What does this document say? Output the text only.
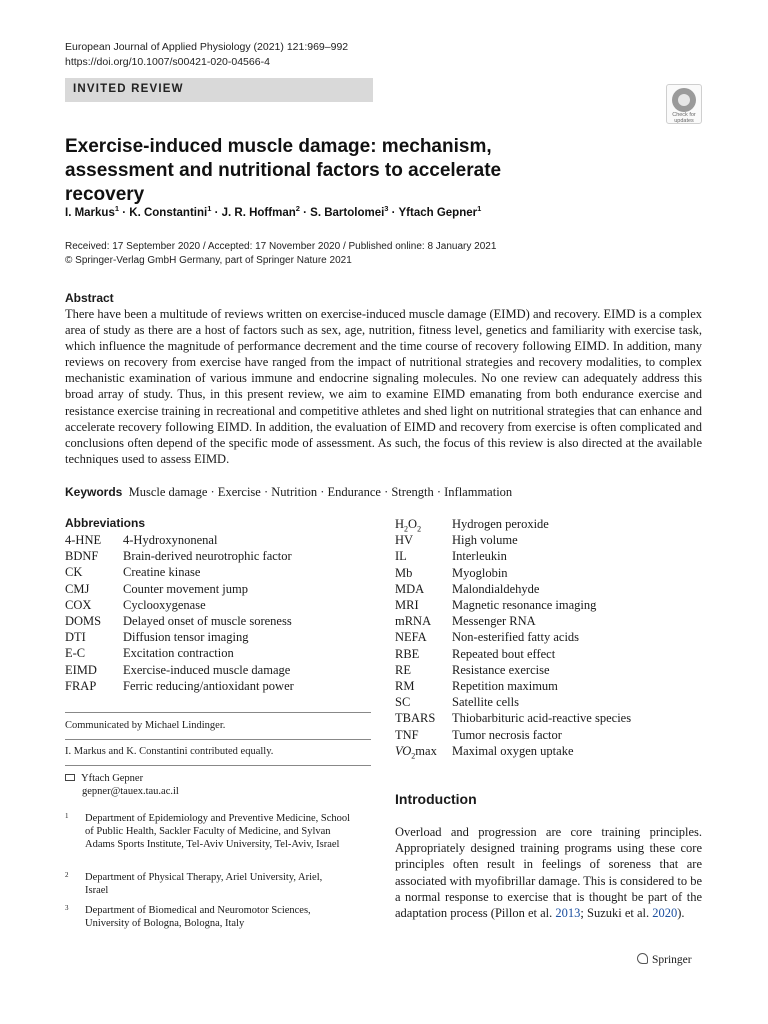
European Journal of Applied Physiology (2021) 121:969–992
https://doi.org/10.1007/s00421-020-04566-4
INVITED REVIEW
Check for
updates
Exercise-induced muscle damage: mechanism, assessment and nutritional factors to accelerate recovery
I. Markus$^1$ · K. Constantini$^1$ · J. R. Hoffman$^2$ · S. Bartolomei$^3$ · Yftach Gepner$^1$
Received: 17 September 2020 / Accepted: 17 November 2020 / Published online: 8 January 2021
© Springer-Verlag GmbH Germany, part of Springer Nature 2021
Abstract
There have been a multitude of reviews written on exercise-induced muscle damage (EIMD) and recovery. EIMD is a complex area of study as there are a host of factors such as sex, age, nutrition, fitness level, genetics and familiarity with exercise task, which influence the magnitude of performance decrement and the time course of recovery following EIMD. In addition, many reviews on recovery from exercise have ranged from the impact of nutritional strategies and recovery modalities, to complex mechanistic examination of various immune and endocrine signaling molecules. No one review can adequately address this broad array of study. Thus, in this present review, we aim to examine EIMD emanating from both endurance exercise and resistance exercise training in recreational and competitive athletes and shed light on nutritional strategies that can enhance and accelerate recovery following EIMD. In addition, the evaluation of EIMD and recovery from exercise is often complicated and conclusions often depend of the specific mode of assessment. As such, the focus of this review is also directed at the available techniques used to assess EIMD.
Keywords Muscle damage · Exercise · Nutrition · Endurance · Strength · Inflammation
Abbreviations
4-HNE 4-Hydroxynonenal
BDNF Brain-derived neurotrophic factor
CK	Creatine kinase
CMJ	Counter movement jump
COX	Cyclooxygenase
DOMS Delayed onset of muscle soreness
DTI	Diffusion tensor imaging
E-C	Excitation contraction
EIMD Exercise-induced muscle damage
FRAP Ferric reducing/antioxidant power
$H_2O_2$ Hydrogen peroxide
HV	High volume
IL	Interleukin
Mb	Myoglobin
MDA Malondialdehyde
MRI	Magnetic resonance imaging
mRNA Messenger RNA
NEFA Non-esterified fatty acids
RBE	Repeated bout effect
RE	Resistance exercise
RM	Repetition maximum
SC	Satellite cells
TBARS Thiobarbituric acid-reactive species
TNF	Tumor necrosis factor
$VO_2\max$ Maximal oxygen uptake
Communicated by Michael Lindinger.
I. Markus and K. Constantini contributed equally.
Yftach Gepner
gepner@tauex.tau.ac.il
1 Department of Epidemiology and Preventive Medicine, School of Public Health, Sackler Faculty of Medicine, and Sylvan Adams Sports Institute, Tel-Aviv University, Tel-Aviv, Israel
2 Department of Physical Therapy, Ariel University, Ariel, Israel
3 Department of Biomedical and Neuromotor Sciences, University of Bologna, Bologna, Italy
Introduction
Overload and progression are core training principles. Appropriately designed training programs using these core principles often result in feelings of soreness that are associated with myofibrillar damage. This is considered to be a normal response to exercise that is thought be part of the adaptation process (Pillon et al. 2013; Suzuki et al. 2020).
Springer
